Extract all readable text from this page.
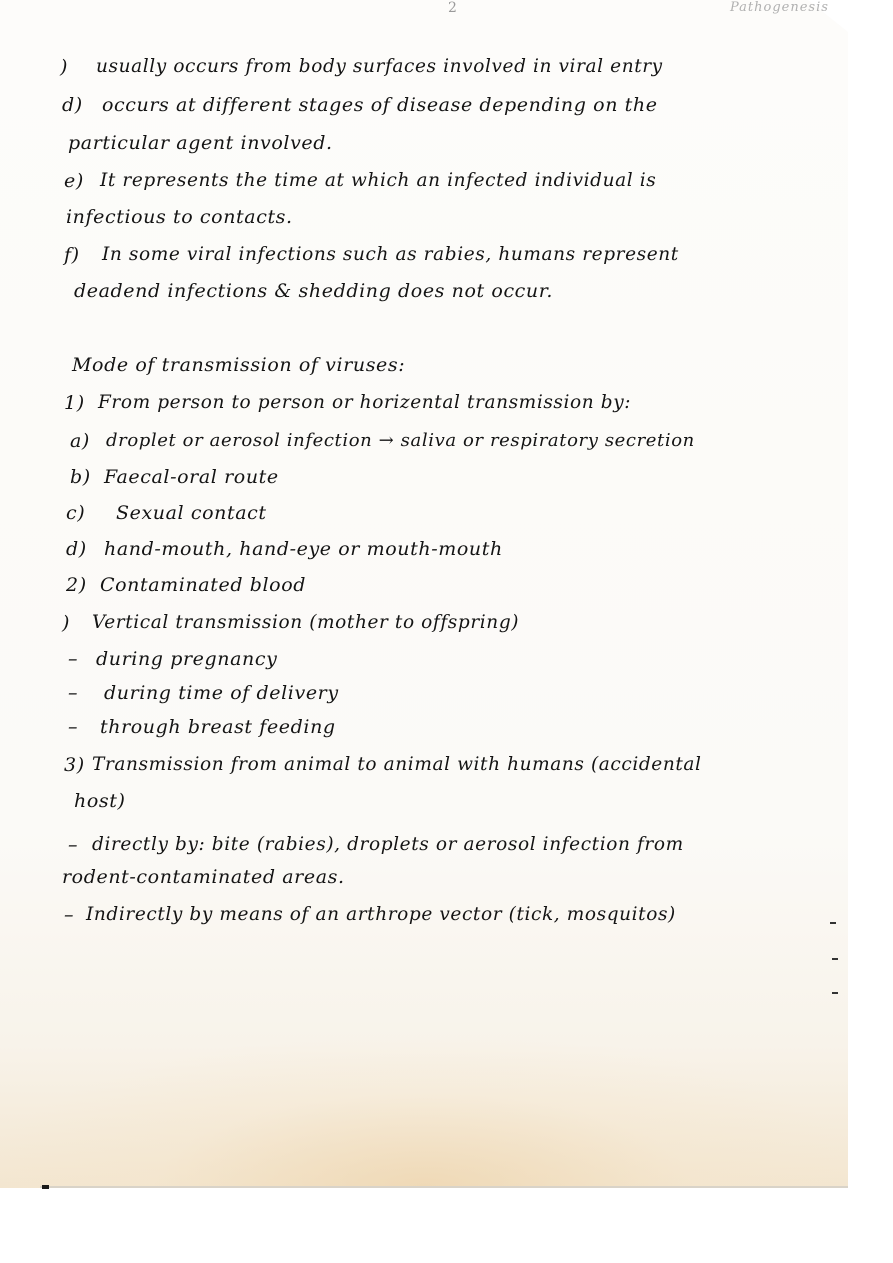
2	Pathogenesis
) usually occurs from body surfaces involved in viral entry
d) occurs at different stages of disease depending on the
particular agent involved.
e) It represents the time at which an infected individual is
infectious to contacts.
f) In some viral infections such as rabies, humans represent
deadend infections & shedding does not occur.
Mode of transmission of viruses:
1) From person to person or horizental transmission by:
a) droplet or aerosol infection → saliva or respiratory secretion
b) Faecal-oral route
c) Sexual contact
d) hand-mouth, hand-eye or mouth-mouth
2) Contaminated blood
) Vertical transmission (mother to offspring)
– during pregnancy
– during time of delivery
– through breast feeding
3) Transmission from animal to animal with humans (accidental
host)
– directly by: bite (rabies), droplets or aerosol infection from
rodent-contaminated areas.
– Indirectly by means of an arthrope vector (tick, mosquitos)
